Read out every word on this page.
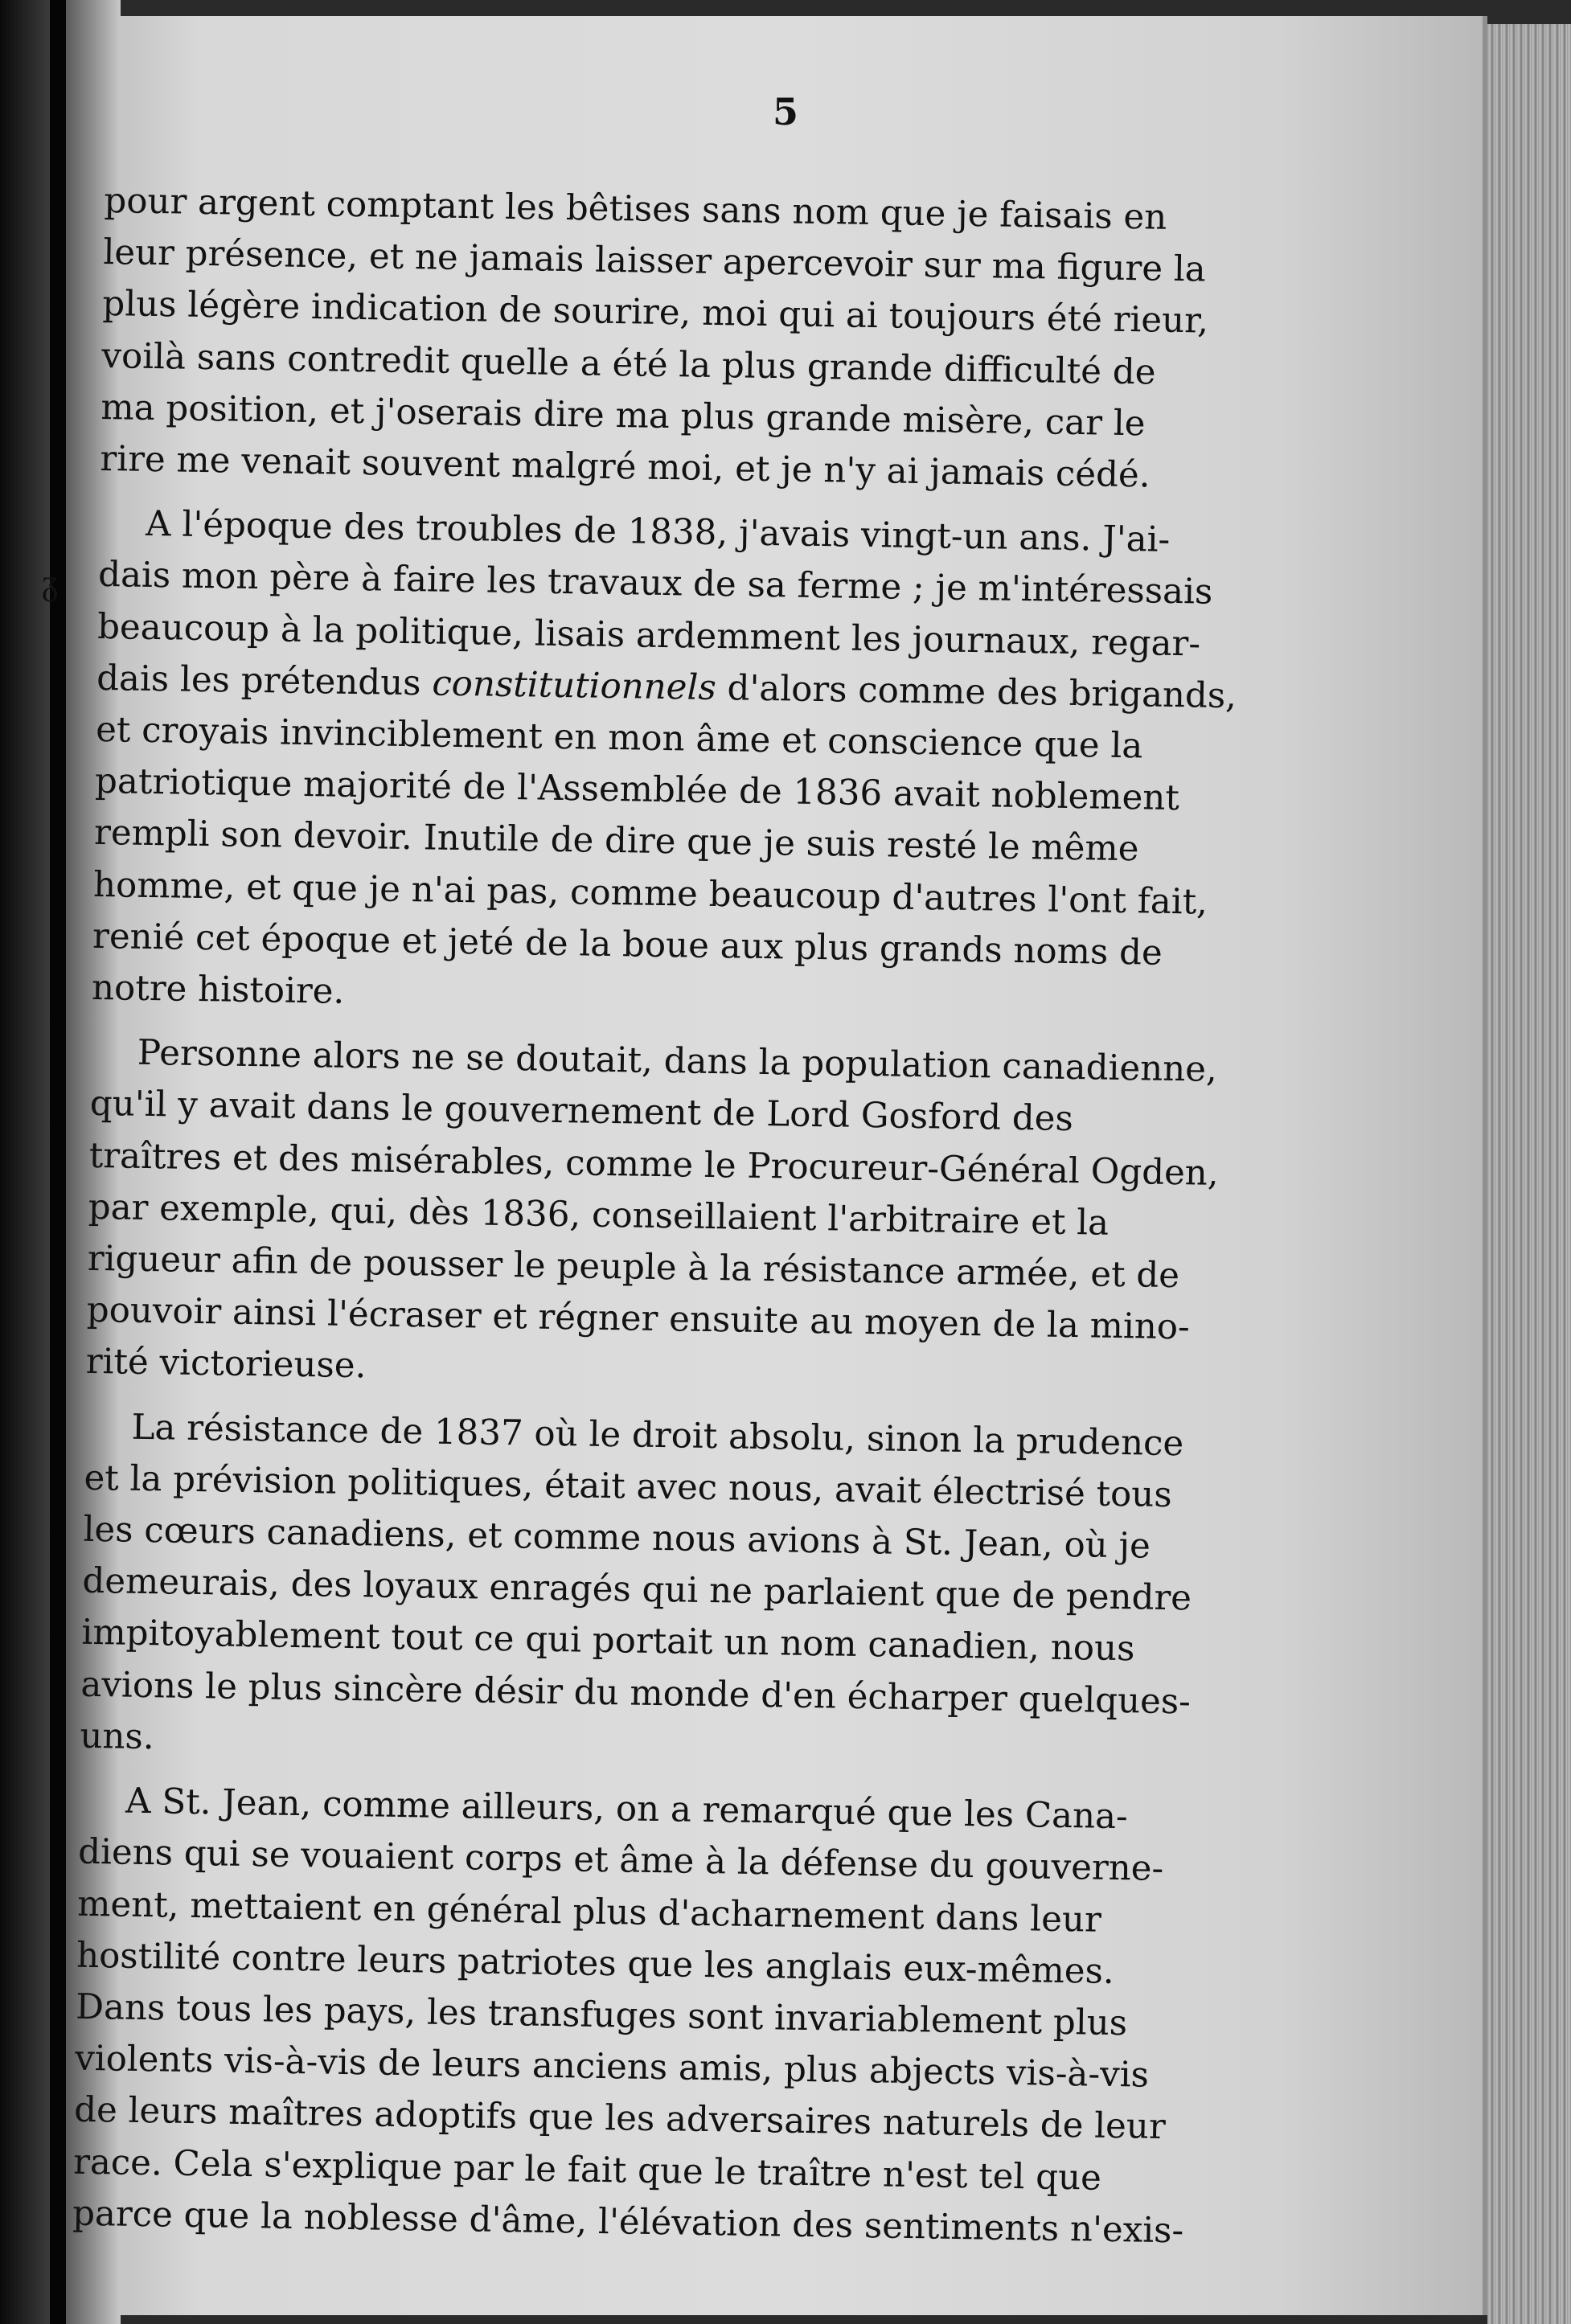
ᵹ

5

pour argent comptant les bêtises sans nom que je faisais en
leur présence, et ne jamais laisser apercevoir sur ma figure la
plus légère indication de sourire, moi qui ai toujours été rieur,
voilà sans contredit quelle a été la plus grande difficulté de
ma position, et j'oserais dire ma plus grande misère, car le
rire me venait souvent malgré moi, et je n'y ai jamais cédé.

A l'époque des troubles de 1838, j'avais vingt-un ans. J'ai-
dais mon père à faire les travaux de sa ferme ; je m'intéressais
beaucoup à la politique, lisais ardemment les journaux, regar-
dais les prétendus constitutionnels d'alors comme des brigands,
et croyais invinciblement en mon âme et conscience que la
patriotique majorité de l'Assemblée de 1836 avait noblement
rempli son devoir. Inutile de dire que je suis resté le même
homme, et que je n'ai pas, comme beaucoup d'autres l'ont fait,
renié cet époque et jeté de la boue aux plus grands noms de
notre histoire.

Personne alors ne se doutait, dans la population canadienne,
qu'il y avait dans le gouvernement de Lord Gosford des
traîtres et des misérables, comme le Procureur-Général Ogden,
par exemple, qui, dès 1836, conseillaient l'arbitraire et la
rigueur afin de pousser le peuple à la résistance armée, et de
pouvoir ainsi l'écraser et régner ensuite au moyen de la mino-
rité victorieuse.

La résistance de 1837 où le droit absolu, sinon la prudence
et la prévision politiques, était avec nous, avait électrisé tous
les cœurs canadiens, et comme nous avions à St. Jean, où je
demeurais, des loyaux enragés qui ne parlaient que de pendre
impitoyablement tout ce qui portait un nom canadien, nous
avions le plus sincère désir du monde d'en écharper quelques-
uns.

A St. Jean, comme ailleurs, on a remarqué que les Cana-
diens qui se vouaient corps et âme à la défense du gouverne-
ment, mettaient en général plus d'acharnement dans leur
hostilité contre leurs patriotes que les anglais eux-mêmes.
Dans tous les pays, les transfuges sont invariablement plus
violents vis-à-vis de leurs anciens amis, plus abjects vis-à-vis
de leurs maîtres adoptifs que les adversaires naturels de leur
race. Cela s'explique par le fait que le traître n'est tel que
parce que la noblesse d'âme, l'élévation des sentiments n'exis-
